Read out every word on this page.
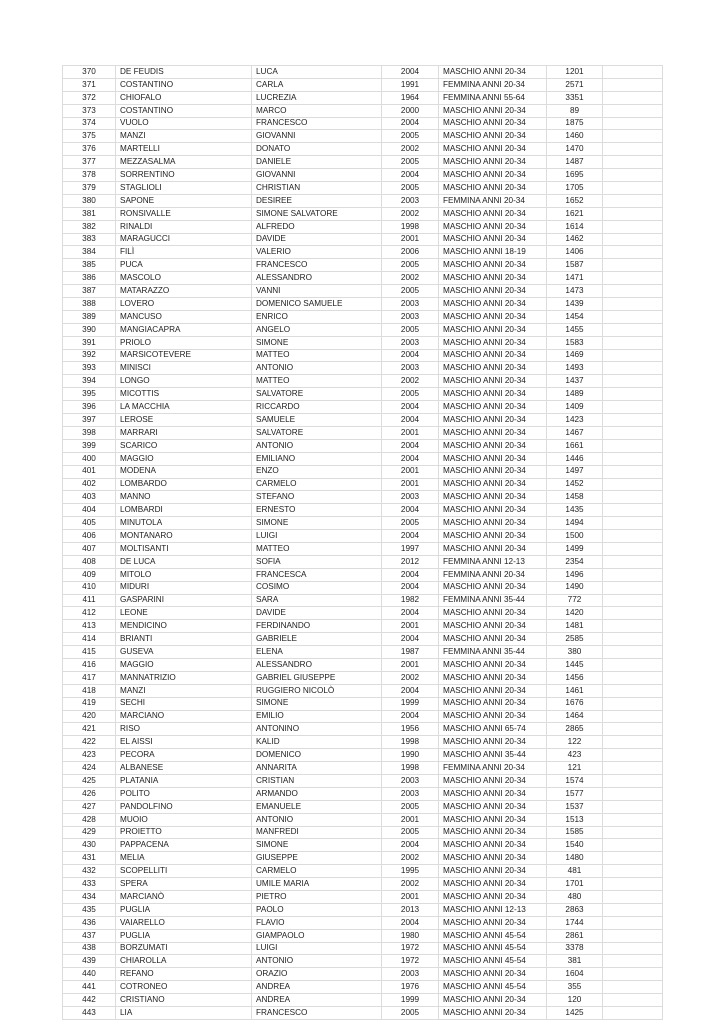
370	DE FEUDIS	LUCA	2004	MASCHIO ANNI 20-34	1201	
371	COSTANTINO	CARLA	1991	FEMMINA ANNI 20-34	2571	
372	CHIOFALO	LUCREZIA	1964	FEMMINA ANNI 55-64	3351	
373	COSTANTINO	MARCO	2000	MASCHIO ANNI 20-34	89	
374	VUOLO	FRANCESCO	2004	MASCHIO ANNI 20-34	1875	
375	MANZI	GIOVANNI	2005	MASCHIO ANNI 20-34	1460	
376	MARTELLI	DONATO	2002	MASCHIO ANNI 20-34	1470	
377	MEZZASALMA	DANIELE	2005	MASCHIO ANNI 20-34	1487	
378	SORRENTINO	GIOVANNI	2004	MASCHIO ANNI 20-34	1695	
379	STAGLIOLI	CHRISTIAN	2005	MASCHIO ANNI 20-34	1705	
380	SAPONE	DESIREE	2003	FEMMINA ANNI 20-34	1652	
381	RONSIVALLE	SIMONE SALVATORE	2002	MASCHIO ANNI 20-34	1621	
382	RINALDI	ALFREDO	1998	MASCHIO ANNI 20-34	1614	
383	MARAGUCCI	DAVIDE	2001	MASCHIO ANNI 20-34	1462	
384	FILÌ	VALERIO	2006	MASCHIO ANNI 18-19	1406	
385	PUCA	FRANCESCO	2005	MASCHIO ANNI 20-34	1587	
386	MASCOLO	ALESSANDRO	2002	MASCHIO ANNI 20-34	1471	
387	MATARAZZO	VANNI	2005	MASCHIO ANNI 20-34	1473	
388	LOVERO	DOMENICO SAMUELE	2003	MASCHIO ANNI 20-34	1439	
389	MANCUSO	ENRICO	2003	MASCHIO ANNI 20-34	1454	
390	MANGIACAPRA	ANGELO	2005	MASCHIO ANNI 20-34	1455	
391	PRIOLO	SIMONE	2003	MASCHIO ANNI 20-34	1583	
392	MARSICOTEVERE	MATTEO	2004	MASCHIO ANNI 20-34	1469	
393	MINISCI	ANTONIO	2003	MASCHIO ANNI 20-34	1493	
394	LONGO	MATTEO	2002	MASCHIO ANNI 20-34	1437	
395	MICOTTIS	SALVATORE	2005	MASCHIO ANNI 20-34	1489	
396	LA MACCHIA	RICCARDO	2004	MASCHIO ANNI 20-34	1409	
397	LEROSE	SAMUELE	2004	MASCHIO ANNI 20-34	1423	
398	MARRARI	SALVATORE	2001	MASCHIO ANNI 20-34	1467	
399	SCARICO	ANTONIO	2004	MASCHIO ANNI 20-34	1661	
400	MAGGIO	EMILIANO	2004	MASCHIO ANNI 20-34	1446	
401	MODENA	ENZO	2001	MASCHIO ANNI 20-34	1497	
402	LOMBARDO	CARMELO	2001	MASCHIO ANNI 20-34	1452	
403	MANNO	STEFANO	2003	MASCHIO ANNI 20-34	1458	
404	LOMBARDI	ERNESTO	2004	MASCHIO ANNI 20-34	1435	
405	MINUTOLA	SIMONE	2005	MASCHIO ANNI 20-34	1494	
406	MONTANARO	LUIGI	2004	MASCHIO ANNI 20-34	1500	
407	MOLTISANTI	MATTEO	1997	MASCHIO ANNI 20-34	1499	
408	DE LUCA	SOFIA	2012	FEMMINA ANNI 12-13	2354	
409	MITOLO	FRANCESCA	2004	FEMMINA ANNI 20-34	1496	
410	MIDURI	COSIMO	2004	MASCHIO ANNI 20-34	1490	
411	GASPARINI	SARA	1982	FEMMINA ANNI 35-44	772	
412	LEONE	DAVIDE	2004	MASCHIO ANNI 20-34	1420	
413	MENDICINO	FERDINANDO	2001	MASCHIO ANNI 20-34	1481	
414	BRIANTI	GABRIELE	2004	MASCHIO ANNI 20-34	2585	
415	GUSEVA	ELENA	1987	FEMMINA ANNI 35-44	380	
416	MAGGIO	ALESSANDRO	2001	MASCHIO ANNI 20-34	1445	
417	MANNATRIZIO	GABRIEL GIUSEPPE	2002	MASCHIO ANNI 20-34	1456	
418	MANZI	RUGGIERO NICOLÒ	2004	MASCHIO ANNI 20-34	1461	
419	SECHI	SIMONE	1999	MASCHIO ANNI 20-34	1676	
420	MARCIANO	EMILIO	2004	MASCHIO ANNI 20-34	1464	
421	RISO	ANTONINO	1956	MASCHIO ANNI 65-74	2865	
422	EL AISSI	KALID	1998	MASCHIO ANNI 20-34	122	
423	PECORA	DOMENICO	1990	MASCHIO ANNI 35-44	423	
424	ALBANESE	ANNARITA	1998	FEMMINA ANNI 20-34	121	
425	PLATANIA	CRISTIAN	2003	MASCHIO ANNI 20-34	1574	
426	POLITO	ARMANDO	2003	MASCHIO ANNI 20-34	1577	
427	PANDOLFINO	EMANUELE	2005	MASCHIO ANNI 20-34	1537	
428	MUOIO	ANTONIO	2001	MASCHIO ANNI 20-34	1513	
429	PROIETTO	MANFREDI	2005	MASCHIO ANNI 20-34	1585	
430	PAPPACENA	SIMONE	2004	MASCHIO ANNI 20-34	1540	
431	MELIA	GIUSEPPE	2002	MASCHIO ANNI 20-34	1480	
432	SCOPELLITI	CARMELO	1995	MASCHIO ANNI 20-34	481	
433	SPERA	UMILE MARIA	2002	MASCHIO ANNI 20-34	1701	
434	MARCIANÒ	PIETRO	2001	MASCHIO ANNI 20-34	480	
435	PUGLIA	PAOLO	2013	MASCHIO ANNI 12-13	2863	
436	VAIARELLO	FLAVIO	2004	MASCHIO ANNI 20-34	1744	
437	PUGLIA	GIAMPAOLO	1980	MASCHIO ANNI 45-54	2861	
438	BORZUMATI	LUIGI	1972	MASCHIO ANNI 45-54	3378	
439	CHIAROLLA	ANTONIO	1972	MASCHIO ANNI 45-54	381	
440	REFANO	ORAZIO	2003	MASCHIO ANNI 20-34	1604	
441	COTRONEO	ANDREA	1976	MASCHIO ANNI 45-54	355	
442	CRISTIANO	ANDREA	1999	MASCHIO ANNI 20-34	120	
443	LIA	FRANCESCO	2005	MASCHIO ANNI 20-34	1425	
